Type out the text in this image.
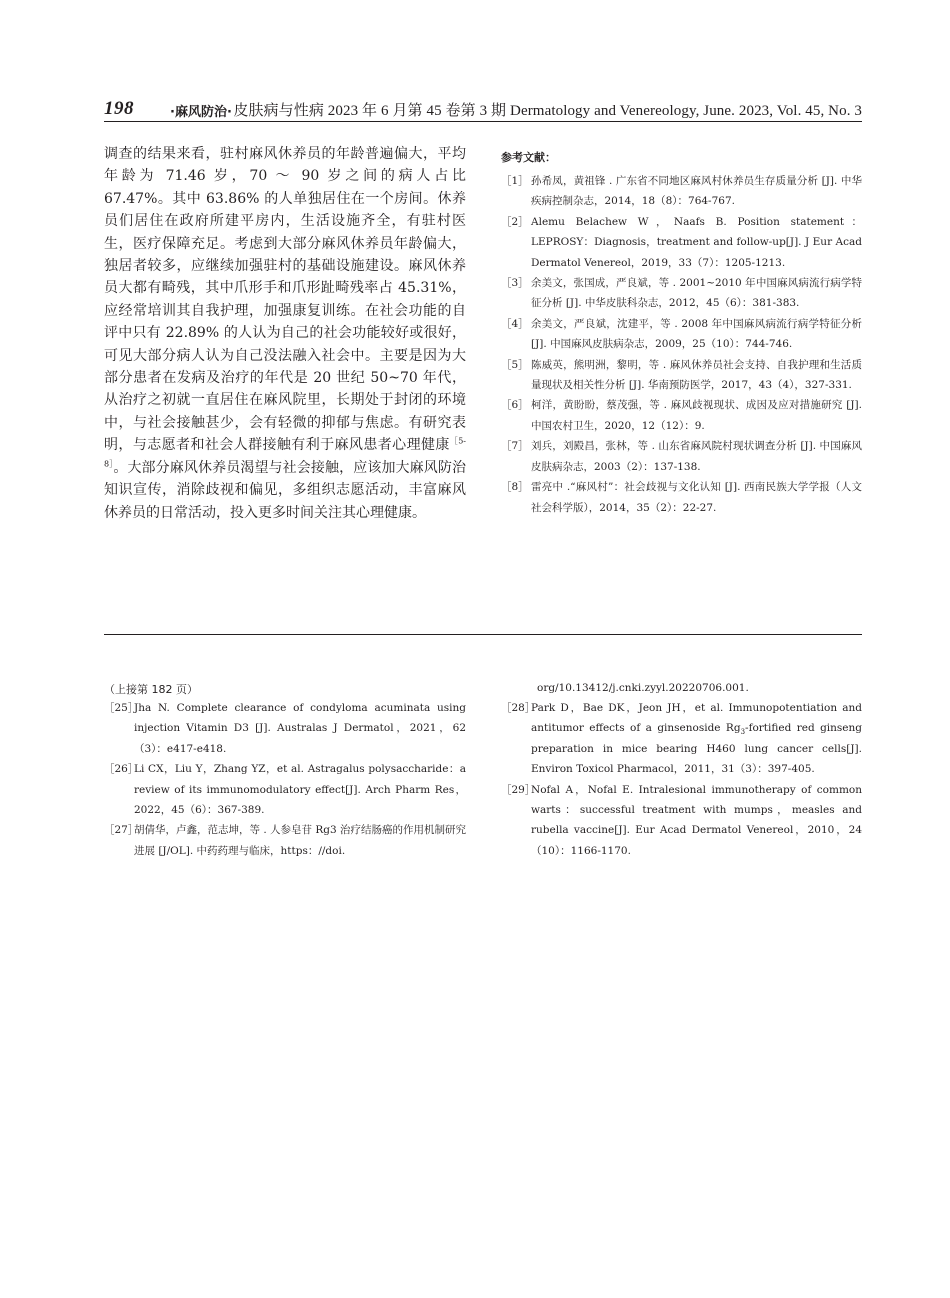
198	·麻风防治· 皮肤病与性病 2023 年 6 月第 45 卷第 3 期 Dermatology and Venereology, June. 2023, Vol. 45, No. 3

调查的结果来看，驻村麻风休养员的年龄普遍偏大，平均年龄为 71.46 岁，70 ～ 90 岁之间的病人占比 67.47%。其中 63.86% 的人单独居住在一个房间。休养员们居住在政府所建平房内，生活设施齐全，有驻村医生，医疗保障充足。考虑到大部分麻风休养员年龄偏大，独居者较多，应继续加强驻村的基础设施建设。麻风休养员大都有畸残，其中爪形手和爪形趾畸残率占 45.31%，应经常培训其自我护理，加强康复训练。在社会功能的自评中只有 22.89% 的人认为自己的社会功能较好或很好，可见大部分病人认为自己没法融入社会中。主要是因为大部分患者在发病及治疗的年代是 20 世纪 50~70 年代，从治疗之初就一直居住在麻风院里，长期处于封闭的环境中，与社会接触甚少，会有轻微的抑郁与焦虑。有研究表明，与志愿者和社会人群接触有利于麻风患者心理健康$^{[5-8]}$。大部分麻风休养员渴望与社会接触，应该加大麻风防治知识宣传，消除歧视和偏见，多组织志愿活动，丰富麻风休养员的日常活动，投入更多时间关注其心理健康。

参考文献：
［1］ 孙希凤，黄祖锋 . 广东省不同地区麻风村休养员生存质量分析 [J]. 中华疾病控制杂志，2014，18（8）：764-767.
［2］ Alemu Belachew W，Naafs B. Position statement：LEPROSY：Diagnosis，treatment and follow-up[J]. J Eur Acad Dermatol Venereol，2019，33（7）：1205-1213.
［3］ 余美文，张国成，严良斌，等 . 2001~2010 年中国麻风病流行病学特征分析 [J]. 中华皮肤科杂志，2012，45（6）：381-383.
［4］ 余美文，严良斌，沈建平，等 . 2008 年中国麻风病流行病学特征分析 [J]. 中国麻风皮肤病杂志，2009，25（10）：744-746.
［5］ 陈威英，熊明洲，黎明，等 . 麻风休养员社会支持、自我护理和生活质量现状及相关性分析 [J]. 华南预防医学，2017，43（4），327-331.
［6］ 柯洋，黄盼盼，蔡茂强，等 . 麻风歧视现状、成因及应对措施研究 [J]. 中国农村卫生，2020，12（12）：9.
［7］ 刘兵，刘殿昌，张林，等 . 山东省麻风院村现状调查分析 [J]. 中国麻风皮肤病杂志，2003（2）：137-138.
［8］ 雷亮中 .“麻风村”：社会歧视与文化认知 [J]. 西南民族大学学报（人文社会科学版），2014，35（2）：22-27.
（上接第 182 页）
［25］
Jha N. Complete clearance of condyloma acuminata using injection Vitamin D3 [J]. Australas J Dermatol，2021，62（3）：e417-e418.
［26］
Li CX，Liu Y，Zhang YZ，et al. Astragalus polysaccharide：a review of its immunomodulatory effect[J]. Arch Pharm Res，2022，45（6）：367-389.
［27］
胡倩华，卢鑫，范志坤，等 . 人参皂苷 Rg3 治疗结肠癌的作用机制研究进展 [J/OL]. 中药药理与临床，https：//doi.
org/10.13412/j.cnki.zyyl.20220706.001.
［28］
Park D，Bae DK，Jeon JH，et al. Immunopotentiation and antitumor effects of a ginsenoside $Rg_3$-fortified red ginseng preparation in mice bearing H460 lung cancer cells[J]. Environ Toxicol Pharmacol，2011，31（3）：397-405.
［29］
Nofal A，Nofal E. Intralesional immunotherapy of common warts：successful treatment with mumps，measles and rubella vaccine[J]. Eur Acad Dermatol Venereol，2010，24（10）：1166-1170.
